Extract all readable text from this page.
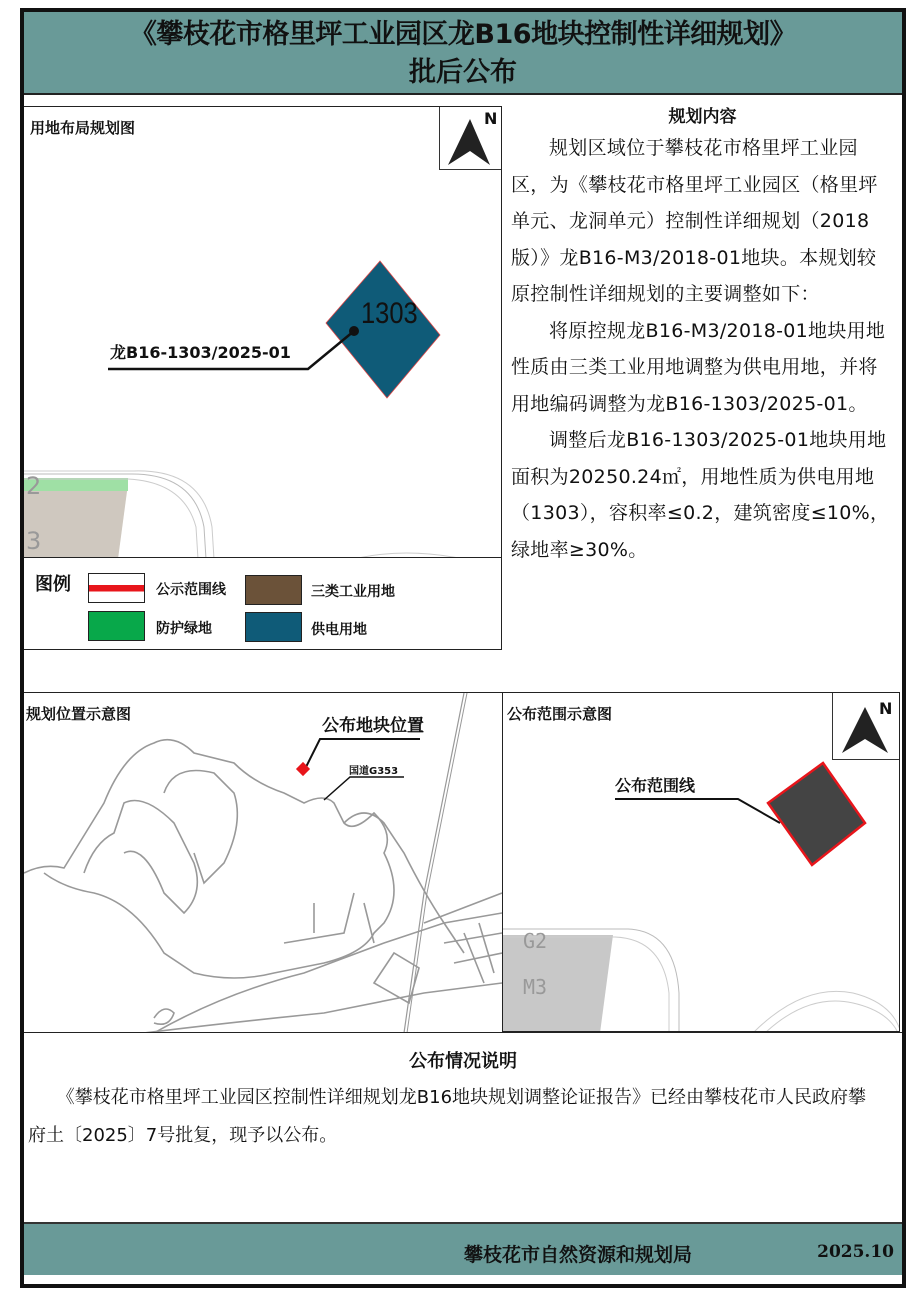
《攀枝花市格里坪工业园区龙B16地块控制性详细规划》
批后公布
用地布局规划图	N
1303
龙B16-1303/2025-01
2
3
图例	公示范围线	三类工业用地
防护绿地	供电用地
规划内容

规划区域位于攀枝花市格里坪工业园区，为《攀枝花市格里坪工业园区（格里坪单元、龙洞单元）控制性详细规划（2018版）》龙B16-M3/2018-01地块。本规划较原控制性详细规划的主要调整如下：

将原控规龙B16-M3/2018-01地块用地性质由三类工业用地调整为供电用地，并将用地编码调整为龙B16-1303/2025-01。

调整后龙B16-1303/2025-01地块用地面积为20250.24㎡，用地性质为供电用地（1303），容积率≤0.2，建筑密度≤10%，绿地率≥30%。

规划位置示意图
公布地块位置
国道G353
公布范围示意图	N
公布范围线
G2
M3
公布情况说明

《攀枝花市格里坪工业园区控制性详细规划龙B16地块规划调整论证报告》已经由攀枝花市人民政府攀府土〔2025〕7号批复，现予以公布。

攀枝花市自然资源和规划局	2025.10
